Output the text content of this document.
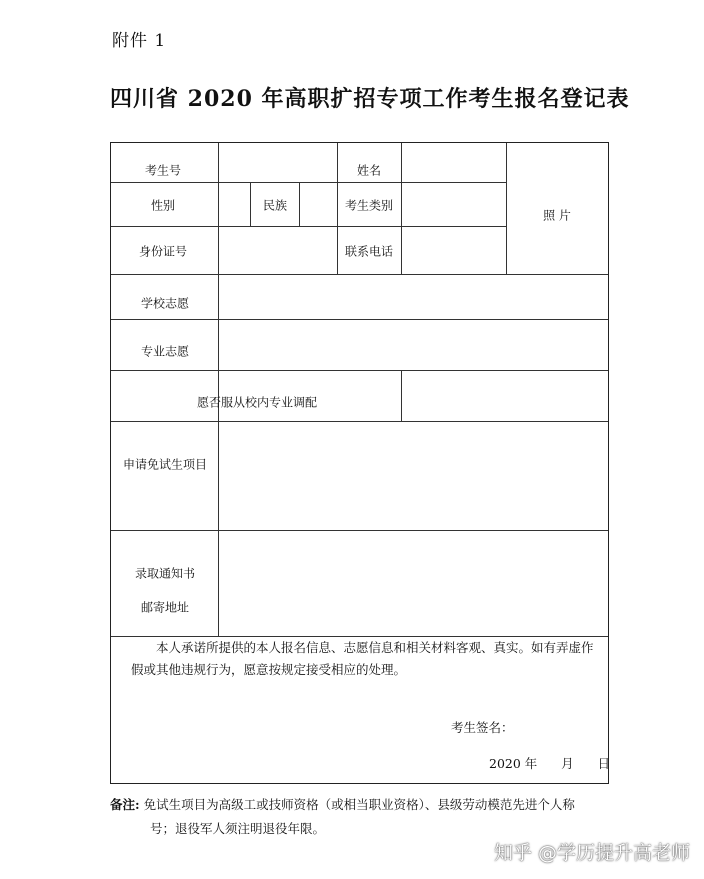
附件 1
四川省 2020 年高职扩招专项工作考生报名登记表
考生号	姓名
照 片
性别	民族	考生类别
身份证号	联系电话
学校志愿
专业志愿
愿否服从校内专业调配
申请免试生项目
录取通知书
邮寄地址
本人承诺所提供的本人报名信息、志愿信息和相关材料客观、真实。如有弄虚作假或其他违规行为，愿意按规定接受相应的处理。
考生签名：
2020 年      月      日
备注: 免试生项目为高级工或技师资格（或相当职业资格）、县级劳动模范先进个人称
号；退役军人须注明退役年限。
知乎 @学历提升高老师
